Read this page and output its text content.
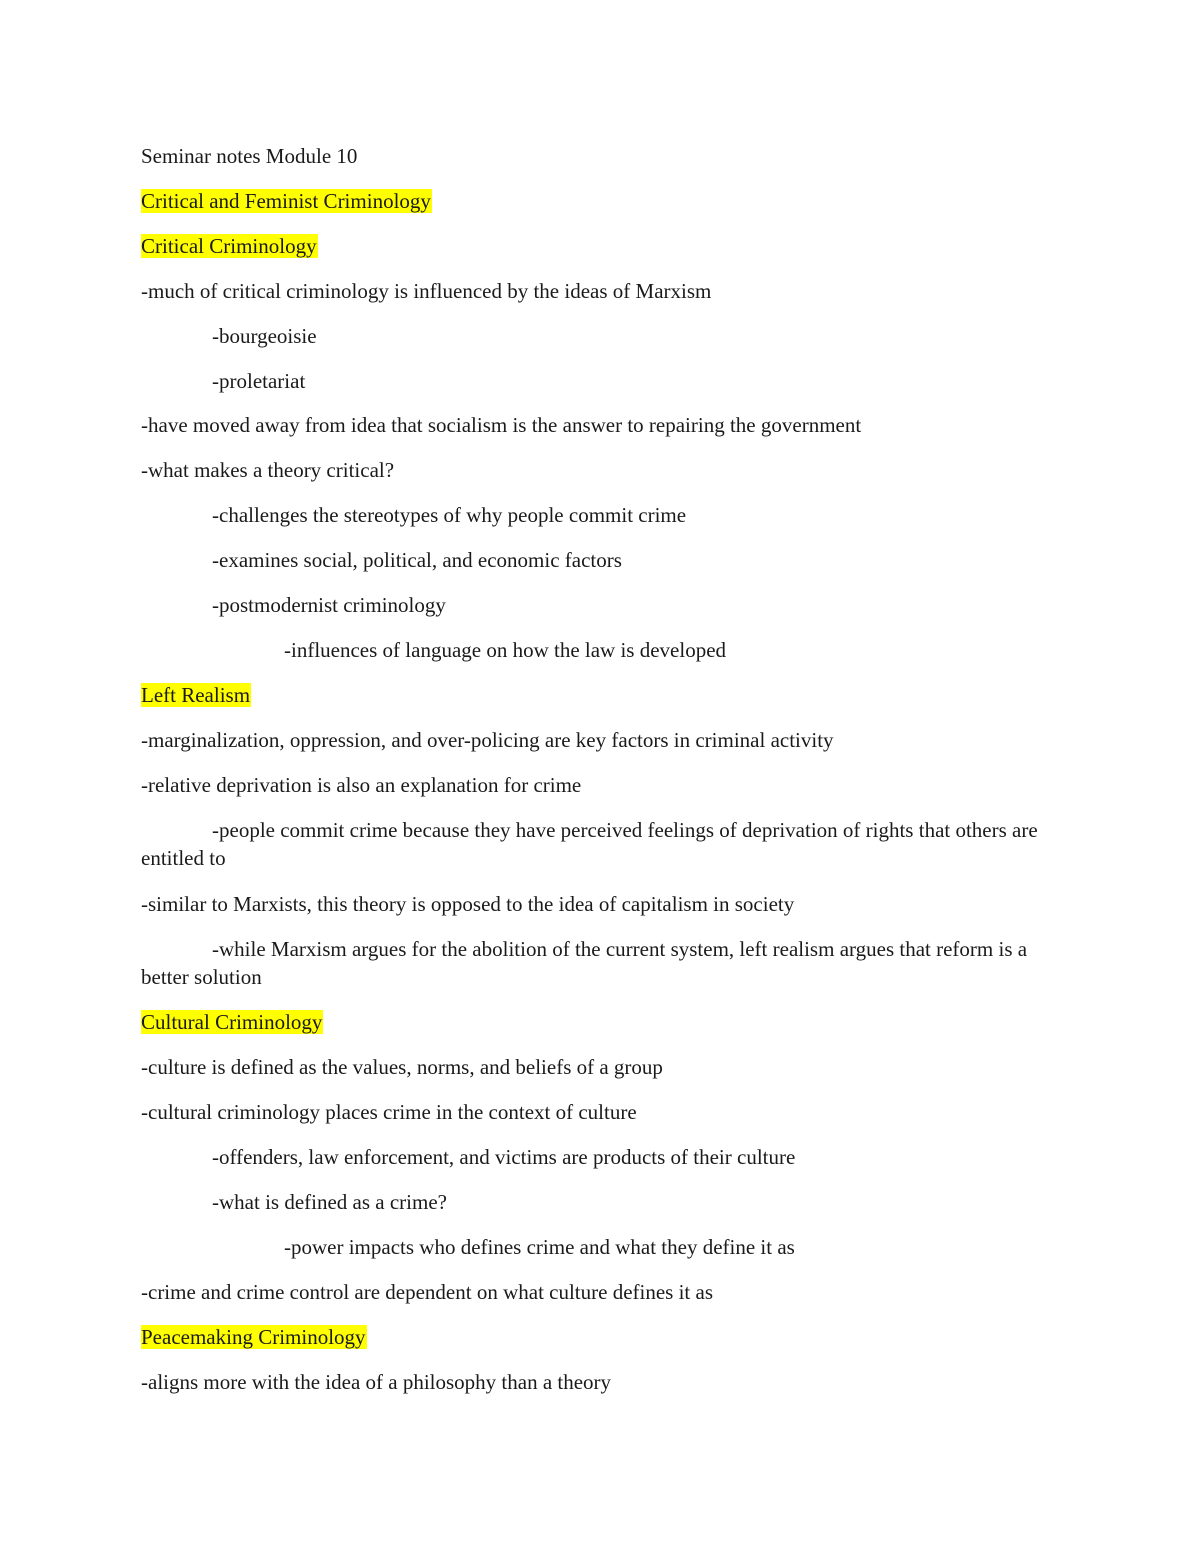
Seminar notes Module 10
Critical and Feminist Criminology
Critical Criminology
-much of critical criminology is influenced by the ideas of Marxism
-bourgeoisie
-proletariat
-have moved away from idea that socialism is the answer to repairing the government
-what makes a theory critical?
-challenges the stereotypes of why people commit crime
-examines social, political, and economic factors
-postmodernist criminology
-influences of language on how the law is developed
Left Realism
-marginalization, oppression, and over-policing are key factors in criminal activity
-relative deprivation is also an explanation for crime
-people commit crime because they have perceived feelings of deprivation of rights that others are entitled to
-similar to Marxists, this theory is opposed to the idea of capitalism in society
-while Marxism argues for the abolition of the current system, left realism argues that reform is a better solution
Cultural Criminology
-culture is defined as the values, norms, and beliefs of a group
-cultural criminology places crime in the context of culture
-offenders, law enforcement, and victims are products of their culture
-what is defined as a crime?
-power impacts who defines crime and what they define it as
-crime and crime control are dependent on what culture defines it as
Peacemaking Criminology
-aligns more with the idea of a philosophy than a theory
